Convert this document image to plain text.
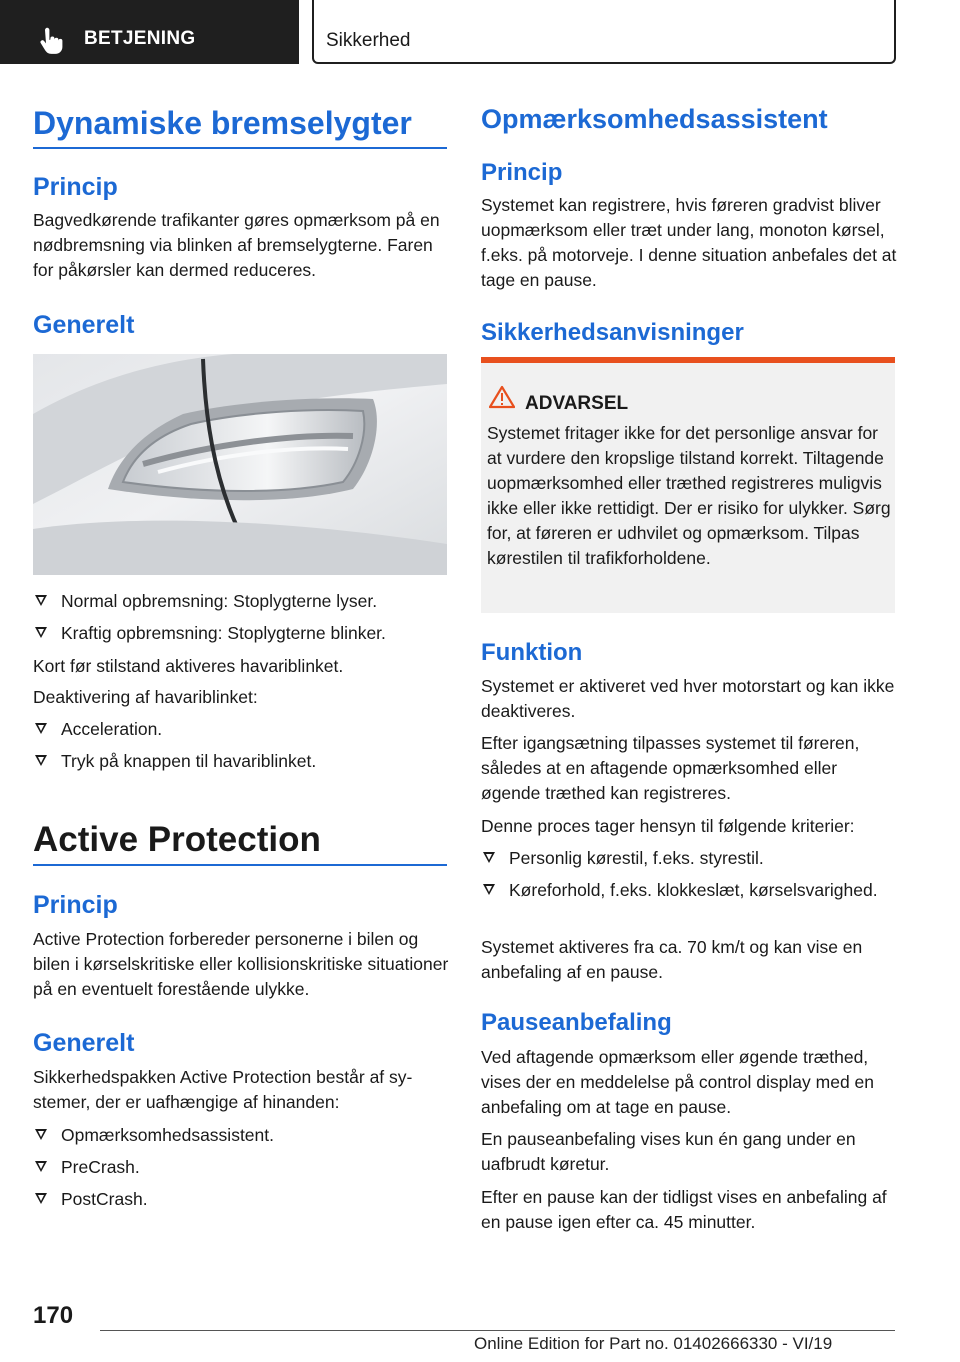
BETJENING	Sikkerhed
Dynamiske bremselygter
Princip

Bagvedkørende trafikanter gøres opmærksom på en nødbremsning via blinken af bremselygterne. Faren for påkørsler kan dermed reduceres.

Generelt
Normal opbremsning: Stoplygterne lyser.
Kraftig opbremsning: Stoplygterne blinker.

Kort før stilstand aktiveres havariblinket.

Deaktivering af havariblinket:

Acceleration.
Tryk på knappen til havariblinket.
Active Protection
Princip

Active Protection forbereder personerne i bilen og bilen i kørselskritiske eller kollisionskritiske situationer på en eventuelt forestående ulykke.

Generelt

Sikkerhedspakken Active Protection består af systemer, der er uafhængige af hinanden:

Opmærksomhedsassistent.
PreCrash.
PostCrash.
Opmærksomhedsassistent
Princip

Systemet kan registrere, hvis føreren gradvist bliver uopmærksom eller træt under lang, monoton kørsel, f.eks. på motorveje. I denne situation anbefales det at tage en pause.

Sikkerhedsanvisninger
ADVARSEL

Systemet fritager ikke for det personlige ansvar for at vurdere den kropslige tilstand korrekt. Tiltagende uopmærksomhed eller træthed registreres muligvis ikke eller ikke rettidigt. Der er risiko for ulykker. Sørg for, at føreren er udhvilet og opmærksom. Tilpas kørestilen til trafikforholdene.

Funktion

Systemet er aktiveret ved hver motorstart og kan ikke deaktiveres.

Efter igangsætning tilpasses systemet til føreren, således at en aftagende opmærksomhed eller øgende træthed kan registreres.

Denne proces tager hensyn til følgende kriterier:

Personlig kørestil, f.eks. styrestil.
Køreforhold, f.eks. klokkeslæt, kørselsvarighed.

Systemet aktiveres fra ca. 70 km/t og kan vise en anbefaling af en pause.

Pauseanbefaling

Ved aftagende opmærksom eller øgende træthed, vises der en meddelelse på control display med en anbefaling om at tage en pause.

En pauseanbefaling vises kun én gang under en uafbrudt køretur.

Efter en pause kan der tidligst vises en anbefaling af en pause igen efter ca. 45 minutter.

170
Online Edition for Part no. 01402666330 - VI/19
